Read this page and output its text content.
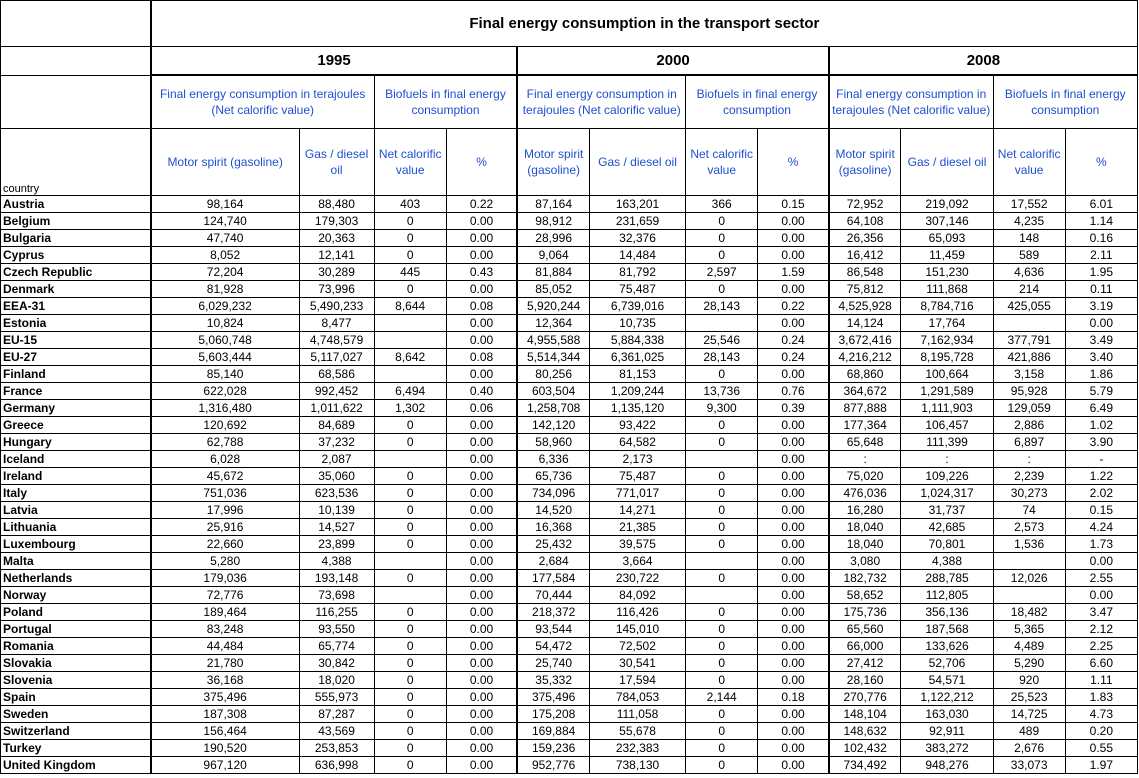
	Final energy consumption in the transport sector											
	1995				2000				2008			
	Final energy consumption in terajoules (Net calorific value)		Biofuels in final energy consumption		Final energy consumption in terajoules (Net calorific value)		Biofuels in final energy consumption		Final energy consumption in terajoules (Net calorific value)		Biofuels in final energy consumption	
country	Motor spirit (gasoline)	Gas / diesel oil	Net calorific value	%	Motor spirit (gasoline)	Gas / diesel oil	Net calorific value	%	Motor spirit (gasoline)	Gas / diesel oil	Net calorific value	%
Austria	98,164	88,480	403	0.22	87,164	163,201	366	0.15	72,952	219,092	17,552	6.01
Belgium	124,740	179,303	0	0.00	98,912	231,659	0	0.00	64,108	307,146	4,235	1.14
Bulgaria	47,740	20,363	0	0.00	28,996	32,376	0	0.00	26,356	65,093	148	0.16
Cyprus	8,052	12,141	0	0.00	9,064	14,484	0	0.00	16,412	11,459	589	2.11
Czech Republic	72,204	30,289	445	0.43	81,884	81,792	2,597	1.59	86,548	151,230	4,636	1.95
Denmark	81,928	73,996	0	0.00	85,052	75,487	0	0.00	75,812	111,868	214	0.11
EEA-31	6,029,232	5,490,233	8,644	0.08	5,920,244	6,739,016	28,143	0.22	4,525,928	8,784,716	425,055	3.19
Estonia	10,824	8,477		0.00	12,364	10,735		0.00	14,124	17,764		0.00
EU-15	5,060,748	4,748,579		0.00	4,955,588	5,884,338	25,546	0.24	3,672,416	7,162,934	377,791	3.49
EU-27	5,603,444	5,117,027	8,642	0.08	5,514,344	6,361,025	28,143	0.24	4,216,212	8,195,728	421,886	3.40
Finland	85,140	68,586		0.00	80,256	81,153	0	0.00	68,860	100,664	3,158	1.86
France	622,028	992,452	6,494	0.40	603,504	1,209,244	13,736	0.76	364,672	1,291,589	95,928	5.79
Germany	1,316,480	1,011,622	1,302	0.06	1,258,708	1,135,120	9,300	0.39	877,888	1,111,903	129,059	6.49
Greece	120,692	84,689	0	0.00	142,120	93,422	0	0.00	177,364	106,457	2,886	1.02
Hungary	62,788	37,232	0	0.00	58,960	64,582	0	0.00	65,648	111,399	6,897	3.90
Iceland	6,028	2,087		0.00	6,336	2,173		0.00	:	:	:	-
Ireland	45,672	35,060	0	0.00	65,736	75,487	0	0.00	75,020	109,226	2,239	1.22
Italy	751,036	623,536	0	0.00	734,096	771,017	0	0.00	476,036	1,024,317	30,273	2.02
Latvia	17,996	10,139	0	0.00	14,520	14,271	0	0.00	16,280	31,737	74	0.15
Lithuania	25,916	14,527	0	0.00	16,368	21,385	0	0.00	18,040	42,685	2,573	4.24
Luxembourg	22,660	23,899	0	0.00	25,432	39,575	0	0.00	18,040	70,801	1,536	1.73
Malta	5,280	4,388		0.00	2,684	3,664		0.00	3,080	4,388		0.00
Netherlands	179,036	193,148	0	0.00	177,584	230,722	0	0.00	182,732	288,785	12,026	2.55
Norway	72,776	73,698		0.00	70,444	84,092		0.00	58,652	112,805		0.00
Poland	189,464	116,255	0	0.00	218,372	116,426	0	0.00	175,736	356,136	18,482	3.47
Portugal	83,248	93,550	0	0.00	93,544	145,010	0	0.00	65,560	187,568	5,365	2.12
Romania	44,484	65,774	0	0.00	54,472	72,502	0	0.00	66,000	133,626	4,489	2.25
Slovakia	21,780	30,842	0	0.00	25,740	30,541	0	0.00	27,412	52,706	5,290	6.60
Slovenia	36,168	18,020	0	0.00	35,332	17,594	0	0.00	28,160	54,571	920	1.11
Spain	375,496	555,973	0	0.00	375,496	784,053	2,144	0.18	270,776	1,122,212	25,523	1.83
Sweden	187,308	87,287	0	0.00	175,208	111,058	0	0.00	148,104	163,030	14,725	4.73
Switzerland	156,464	43,569	0	0.00	169,884	55,678	0	0.00	148,632	92,911	489	0.20
Turkey	190,520	253,853	0	0.00	159,236	232,383	0	0.00	102,432	383,272	2,676	0.55
United Kingdom	967,120	636,998	0	0.00	952,776	738,130	0	0.00	734,492	948,276	33,073	1.97
